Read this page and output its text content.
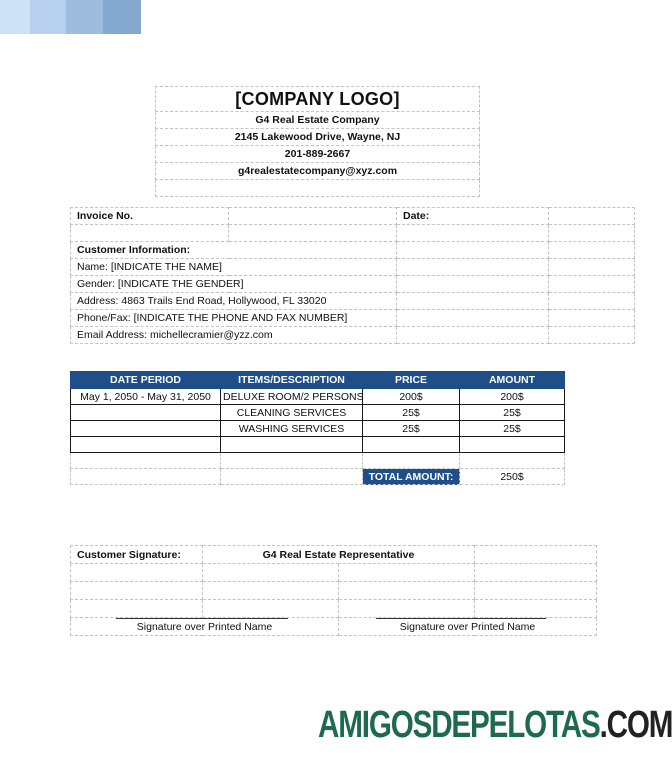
[COMPANY LOGO]
G4 Real Estate Company
2145 Lakewood Drive, Wayne, NJ
201-889-2667
g4realestatecompany@xyz.com

Invoice No.		Date:	

Customer Information:			
Name: [INDICATE THE NAME]			
Gender: [INDICATE THE GENDER]			
Address: 4863 Trails End Road, Hollywood, FL 33020			
Phone/Fax: [INDICATE THE PHONE AND FAX NUMBER]			
Email Address: michellecramier@yzz.com			
DATE PERIOD	ITEMS/DESCRIPTION	PRICE	AMOUNT
May 1, 2050 - May 31, 2050	DELUXE ROOM/2 PERSONS	200$	200$
	CLEANING SERVICES	25$	25$
	WASHING SERVICES	25$	25$

		TOTAL AMOUNT:	250$
Customer Signature:	G4 Real Estate Representative		

Signature over Printed Name		Signature over Printed Name	
AMIGOSDEPELOTAS.COM
